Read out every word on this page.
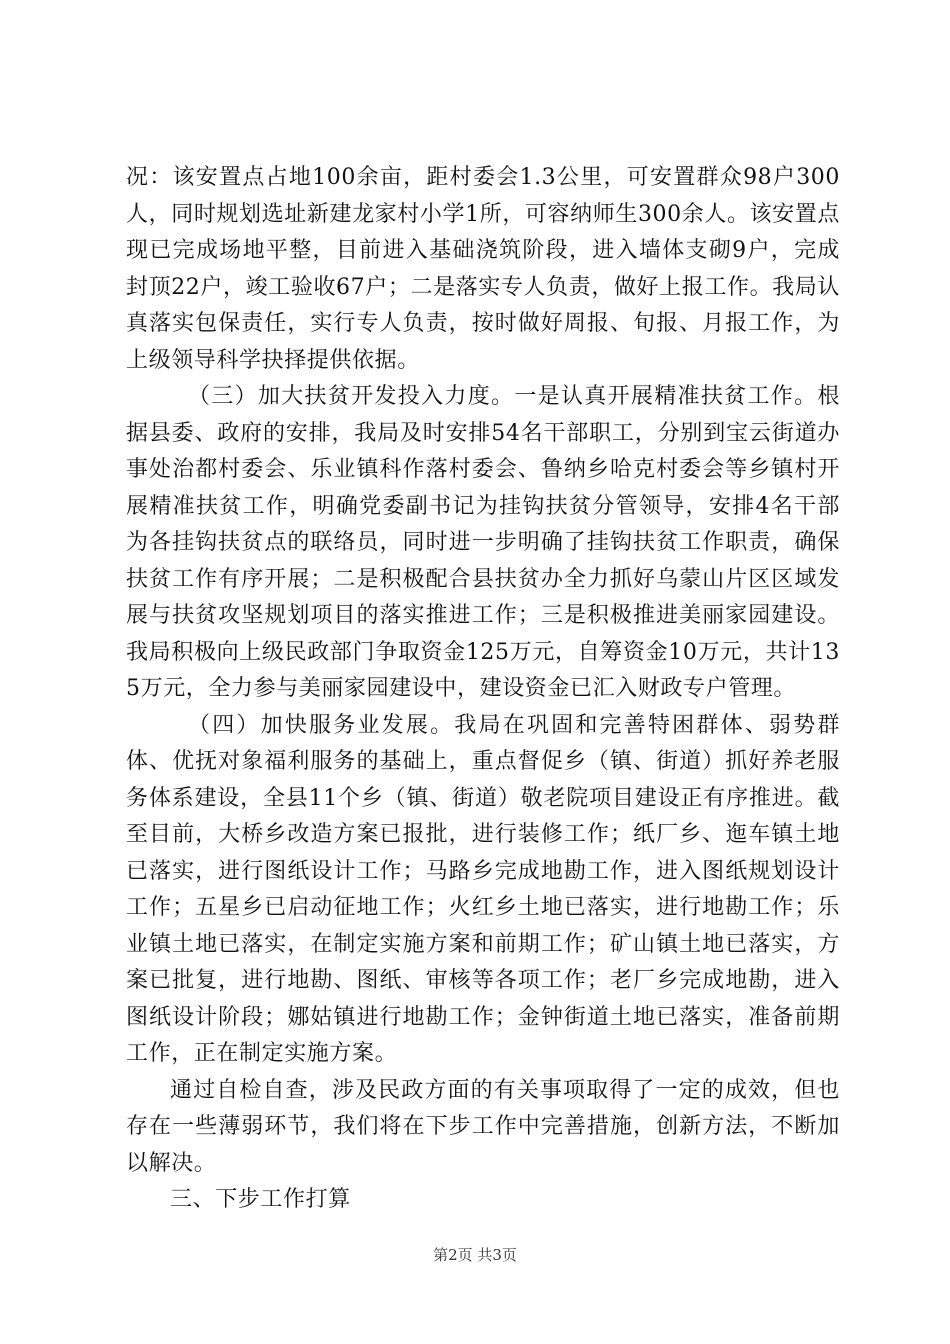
况：该安置点占地100余亩，距村委会1.3公里，可安置群众98户300人，同时规划选址新建龙家村小学1所，可容纳师生300余人。该安置点现已完成场地平整，目前进入基础浇筑阶段，进入墙体支砌9户，完成封顶22户，竣工验收67户；二是落实专人负责，做好上报工作。我局认真落实包保责任，实行专人负责，按时做好周报、旬报、月报工作，为上级领导科学抉择提供依据。

（三）加大扶贫开发投入力度。一是认真开展精准扶贫工作。根据县委、政府的安排，我局及时安排54名干部职工，分别到宝云街道办事处治都村委会、乐业镇科作落村委会、鲁纳乡哈克村委会等乡镇村开展精准扶贫工作，明确党委副书记为挂钩扶贫分管领导，安排4名干部为各挂钩扶贫点的联络员，同时进一步明确了挂钩扶贫工作职责，确保扶贫工作有序开展；二是积极配合县扶贫办全力抓好乌蒙山片区区域发展与扶贫攻坚规划项目的落实推进工作；三是积极推进美丽家园建设。我局积极向上级民政部门争取资金125万元，自筹资金10万元，共计135万元，全力参与美丽家园建设中，建设资金已汇入财政专户管理。

（四）加快服务业发展。我局在巩固和完善特困群体、弱势群体、优抚对象福利服务的基础上，重点督促乡（镇、街道）抓好养老服务体系建设，全县11个乡（镇、街道）敬老院项目建设正有序推进。截至目前，大桥乡改造方案已报批，进行装修工作；纸厂乡、迤车镇土地已落实，进行图纸设计工作；马路乡完成地勘工作，进入图纸规划设计工作；五星乡已启动征地工作；火红乡土地已落实，进行地勘工作；乐业镇土地已落实，在制定实施方案和前期工作；矿山镇土地已落实，方案已批复，进行地勘、图纸、审核等各项工作；老厂乡完成地勘，进入图纸设计阶段；娜姑镇进行地勘工作；金钟街道土地已落实，准备前期工作，正在制定实施方案。

通过自检自查，涉及民政方面的有关事项取得了一定的成效，但也存在一些薄弱环节，我们将在下步工作中完善措施，创新方法，不断加以解决。

三、下步工作打算

第2页 共3页
